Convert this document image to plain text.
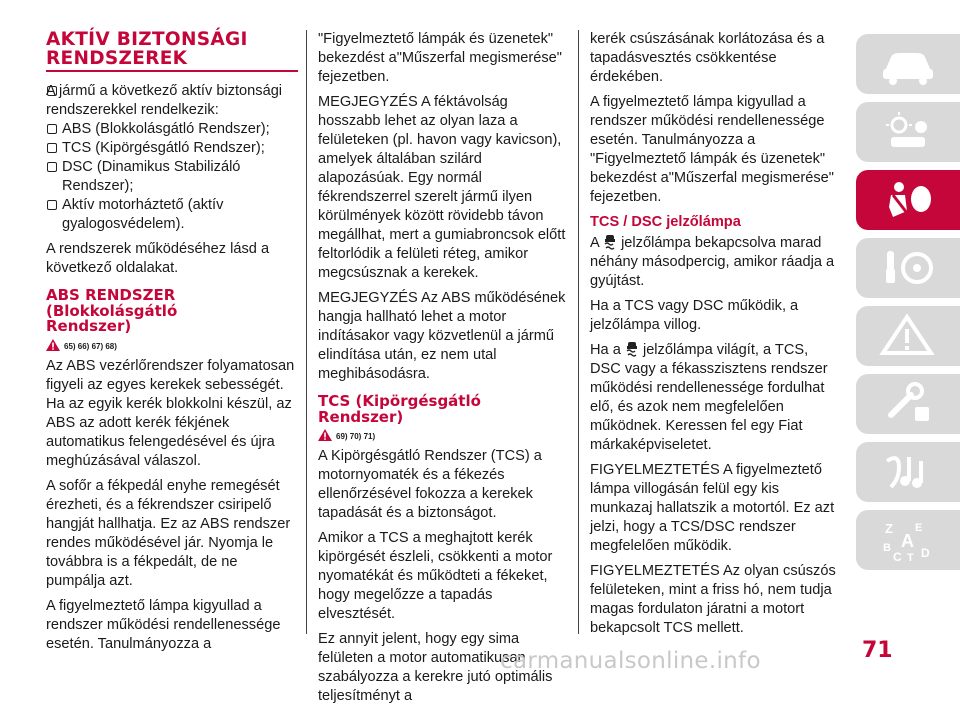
AKTÍV BIZTONSÁGI
RENDSZEREK

A jármű a következő aktív biztonsági rendszerekkel rendelkezik:

ABS (Blokkolásgátló Rendszer);

TCS (Kipörgésgátló Rendszer);

DSC (Dinamikus Stabilizáló Rendszer);

Aktív motorháztető (aktív gyalogosvédelem).

A rendszerek működéséhez lásd a következő oldalakat.

ABS RENDSZER
(Blokkolásgátló
Rendszer)
65) 66) 67) 68)

Az ABS vezérlőrendszer folyamatosan figyeli az egyes kerekek sebességét. Ha az egyik kerék blokkolni készül, az ABS az adott kerék fékjének automatikus felengedésével és újra meghúzásával válaszol.

A sofőr a fékpedál enyhe remegését érezheti, és a fékrendszer csiripelő hangját hallhatja. Ez az ABS rendszer rendes működésével jár. Nyomja le továbbra is a fékpedált, de ne pumpálja azt.

A figyelmeztető lámpa kigyullad a rendszer működési rendellenessége esetén. Tanulmányozza a

"Figyelmeztető lámpák és üzenetek" bekezdést a"Műszerfal megismerése" fejezetben.

MEGJEGYZÉS A féktávolság hosszabb lehet az olyan laza a felületeken (pl. havon vagy kavicson), amelyek általában szilárd alapozásúak. Egy normál fékrendszerrel szerelt jármű ilyen körülmények között rövidebb távon megállhat, mert a gumiabroncsok előtt feltorlódik a felületi réteg, amikor megcsúsznak a kerekek.

MEGJEGYZÉS Az ABS működésének hangja hallható lehet a motor indításakor vagy közvetlenül a jármű elindítása után, ez nem utal meghibásodásra.

TCS (Kipörgésgátló
Rendszer)
69) 70) 71)

A Kipörgésgátló Rendszer (TCS) a motornyomaték és a fékezés ellenőrzésével fokozza a kerekek tapadását és a biztonságot.

Amikor a TCS a meghajtott kerék kipörgését észleli, csökkenti a motor nyomatékát és működteti a fékeket, hogy megelőzze a tapadás elvesztését.

Ez annyit jelent, hogy egy sima felületen a motor automatikusan szabályozza a kerekre jutó optimális teljesítményt a

kerék csúszásának korlátozása és a tapadásvesztés csökkentése érdekében.

A figyelmeztető lámpa kigyullad a rendszer működési rendellenessége esetén. Tanulmányozza a "Figyelmeztető lámpák és üzenetek" bekezdést a"Műszerfal megismerése" fejezetben.

TCS / DSC jelzőlámpa

A jelzőlámpa bekapcsolva marad néhány másodpercig, amikor ráadja a gyújtást.

Ha a TCS vagy DSC működik, a jelzőlámpa villog.

Ha a jelzőlámpa világít, a TCS, DSC vagy a fékasszisztens rendszer működési rendellenessége fordulhat elő, és azok nem megfelelően működnek. Keressen fel egy Fiat márkaképviseletet.

FIGYELMEZTETÉS A figyelmeztető lámpa villogásán felül egy kis munkazaj hallatszik a motortól. Ez azt jelzi, hogy a TCS/DSC rendszer megfelelően működik.

FIGYELMEZTETÉS Az olyan csúszós felületeken, mint a friss hó, nem tudja magas fordulaton járatni a motort bekapcsolt TCS mellett.

Z E
A
B
C T D
71
carmanualsonline.info
